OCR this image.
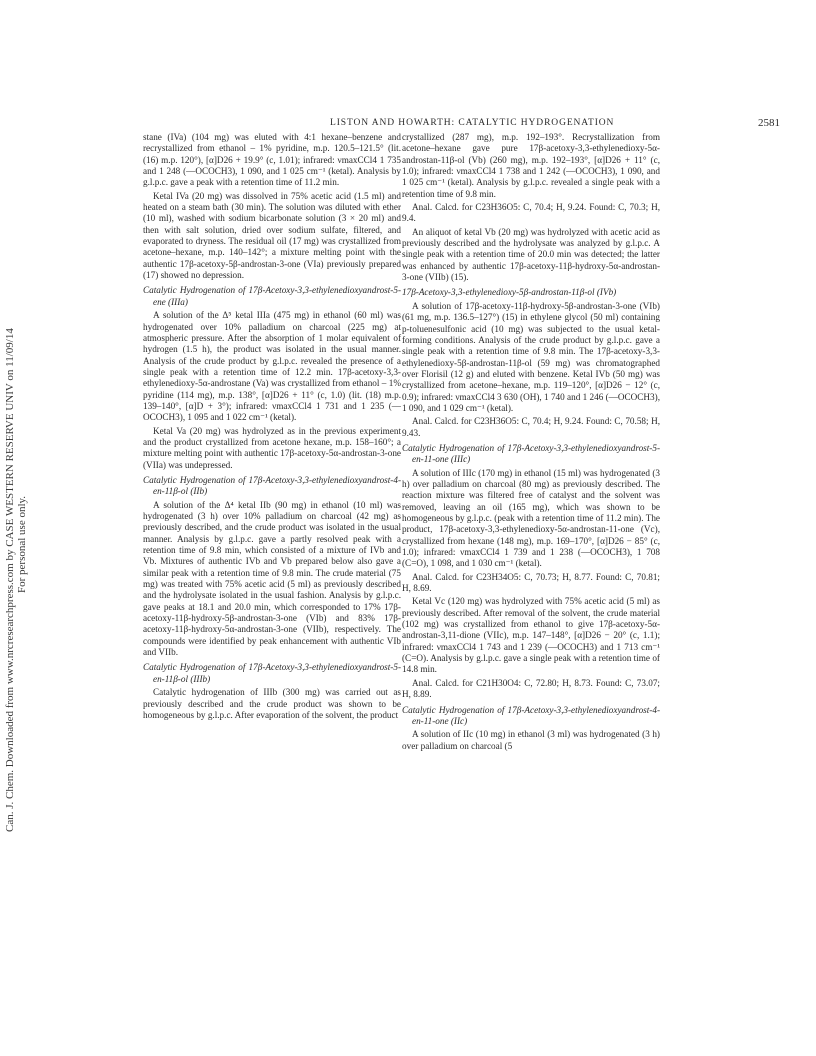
Can. J. Chem. Downloaded from www.nrcresearchpress.com by CASE WESTERN RESERVE UNIV on 11/09/14 For personal use only.
LISTON AND HOWARTH: CATALYTIC HYDROGENATION	2581

stane (IVa) (104 mg) was eluted with 4:1 hexane–benzene and recrystallized from ethanol – 1% pyridine, m.p. 120.5–121.5° (lit. (16) m.p. 120°), [α]D26 + 19.9° (c, 1.01); infrared: νmaxCCl4 1 735 and 1 248 (—OCOCH3), 1 090, and 1 025 cm⁻¹ (ketal). Analysis by g.l.p.c. gave a peak with a retention time of 11.2 min.

Ketal IVa (20 mg) was dissolved in 75% acetic acid (1.5 ml) and heated on a steam bath (30 min). The solution was diluted with ether (10 ml), washed with sodium bicarbonate solution (3 × 20 ml) and then with salt solution, dried over sodium sulfate, filtered, and evaporated to dryness. The residual oil (17 mg) was crystallized from acetone–hexane, m.p. 140–142°; a mixture melting point with the authentic 17β-acetoxy-5β-androstan-3-one (VIa) previously prepared (17) showed no depression.

Catalytic Hydrogenation of 17β-Acetoxy-3,3-ethylenedioxyandrost-5-ene (IIIa)

A solution of the Δ⁵ ketal IIIa (475 mg) in ethanol (60 ml) was hydrogenated over 10% palladium on charcoal (225 mg) at atmospheric pressure. After the absorption of 1 molar equivalent of hydrogen (1.5 h), the product was isolated in the usual manner. Analysis of the crude product by g.l.p.c. revealed the presence of a single peak with a retention time of 12.2 min. 17β-acetoxy-3,3-ethylenedioxy-5α-androstane (Va) was crystallized from ethanol – 1% pyridine (114 mg), m.p. 138°, [α]D26 + 11° (c, 1.0) (lit. (18) m.p. 139–140°, [α]D + 3°); infrared: νmaxCCl4 1 731 and 1 235 (—OCOCH3), 1 095 and 1 022 cm⁻¹ (ketal).

Ketal Va (20 mg) was hydrolyzed as in the previous experiment and the product crystallized from acetone hexane, m.p. 158–160°; a mixture melting point with authentic 17β-acetoxy-5α-androstan-3-one (VIIa) was undepressed.

Catalytic Hydrogenation of 17β-Acetoxy-3,3-ethylenedioxyandrost-4-en-11β-ol (IIb)

A solution of the Δ⁴ ketal IIb (90 mg) in ethanol (10 ml) was hydrogenated (3 h) over 10% palladium on charcoal (42 mg) as previously described, and the crude product was isolated in the usual manner. Analysis by g.l.p.c. gave a partly resolved peak with a retention time of 9.8 min, which consisted of a mixture of IVb and Vb. Mixtures of authentic IVb and Vb prepared below also gave a similar peak with a retention time of 9.8 min. The crude material (75 mg) was treated with 75% acetic acid (5 ml) as previously described and the hydrolysate isolated in the usual fashion. Analysis by g.l.p.c. gave peaks at 18.1 and 20.0 min, which corresponded to 17% 17β-acetoxy-11β-hydroxy-5β-androstan-3-one (VIb) and 83% 17β-acetoxy-11β-hydroxy-5α-androstan-3-one (VIIb), respectively. The compounds were identified by peak enhancement with authentic VIb and VIIb.

Catalytic Hydrogenation of 17β-Acetoxy-3,3-ethylenedioxyandrost-5-en-11β-ol (IIIb)

Catalytic hydrogenation of IIIb (300 mg) was carried out as previously described and the crude product was shown to be homogeneous by g.l.p.c. After evaporation of the solvent, the product

crystallized (287 mg), m.p. 192–193°. Recrystallization from acetone–hexane gave pure 17β-acetoxy-3,3-ethylenedioxy-5α-androstan-11β-ol (Vb) (260 mg), m.p. 192–193°, [α]D26 + 11° (c, 1.0); infrared: νmaxCCl4 1 738 and 1 242 (—OCOCH3), 1 090, and 1 025 cm⁻¹ (ketal). Analysis by g.l.p.c. revealed a single peak with a retention time of 9.8 min.

Anal. Calcd. for C23H36O5: C, 70.4; H, 9.24. Found: C, 70.3; H, 9.4.

An aliquot of ketal Vb (20 mg) was hydrolyzed with acetic acid as previously described and the hydrolysate was analyzed by g.l.p.c. A single peak with a retention time of 20.0 min was detected; the latter was enhanced by authentic 17β-acetoxy-11β-hydroxy-5α-androstan-3-one (VIIb) (15).

17β-Acetoxy-3,3-ethylenedioxy-5β-androstan-11β-ol (IVb)

A solution of 17β-acetoxy-11β-hydroxy-5β-androstan-3-one (VIb) (61 mg, m.p. 136.5–127°) (15) in ethylene glycol (50 ml) containing p-toluenesulfonic acid (10 mg) was subjected to the usual ketal-forming conditions. Analysis of the crude product by g.l.p.c. gave a single peak with a retention time of 9.8 min. The 17β-acetoxy-3,3-ethylenedioxy-5β-androstan-11β-ol (59 mg) was chromatographed over Florisil (12 g) and eluted with benzene. Ketal IVb (50 mg) was crystallized from acetone–hexane, m.p. 119–120°, [α]D26 − 12° (c, 0.9); infrared: νmaxCCl4 3 630 (OH), 1 740 and 1 246 (—OCOCH3), 1 090, and 1 029 cm⁻¹ (ketal).

Anal. Calcd. for C23H36O5: C, 70.4; H, 9.24. Found: C, 70.58; H, 9.43.

Catalytic Hydrogenation of 17β-Acetoxy-3,3-ethylenedioxyandrost-5-en-11-one (IIIc)

A solution of IIIc (170 mg) in ethanol (15 ml) was hydrogenated (3 h) over palladium on charcoal (80 mg) as previously described. The reaction mixture was filtered free of catalyst and the solvent was removed, leaving an oil (165 mg), which was shown to be homogeneous by g.l.p.c. (peak with a retention time of 11.2 min). The product, 17β-acetoxy-3,3-ethylenedioxy-5α-androstan-11-one (Vc), crystallized from hexane (148 mg), m.p. 169–170°, [α]D26 − 85° (c, 1.0); infrared: νmaxCCl4 1 739 and 1 238 (—OCOCH3), 1 708 (C=O), 1 098, and 1 030 cm⁻¹ (ketal).

Anal. Calcd. for C23H34O5: C, 70.73; H, 8.77. Found: C, 70.81; H, 8.69.

Ketal Vc (120 mg) was hydrolyzed with 75% acetic acid (5 ml) as previously described. After removal of the solvent, the crude material (102 mg) was crystallized from ethanol to give 17β-acetoxy-5α-androstan-3,11-dione (VIIc), m.p. 147–148°, [α]D26 − 20° (c, 1.1); infrared: νmaxCCl4 1 743 and 1 239 (—OCOCH3) and 1 713 cm⁻¹ (C=O). Analysis by g.l.p.c. gave a single peak with a retention time of 14.8 min.

Anal. Calcd. for C21H30O4: C, 72.80; H, 8.73. Found: C, 73.07; H, 8.89.

Catalytic Hydrogenation of 17β-Acetoxy-3,3-ethylenedioxyandrost-4-en-11-one (IIc)

A solution of IIc (10 mg) in ethanol (3 ml) was hydrogenated (3 h) over palladium on charcoal (5
